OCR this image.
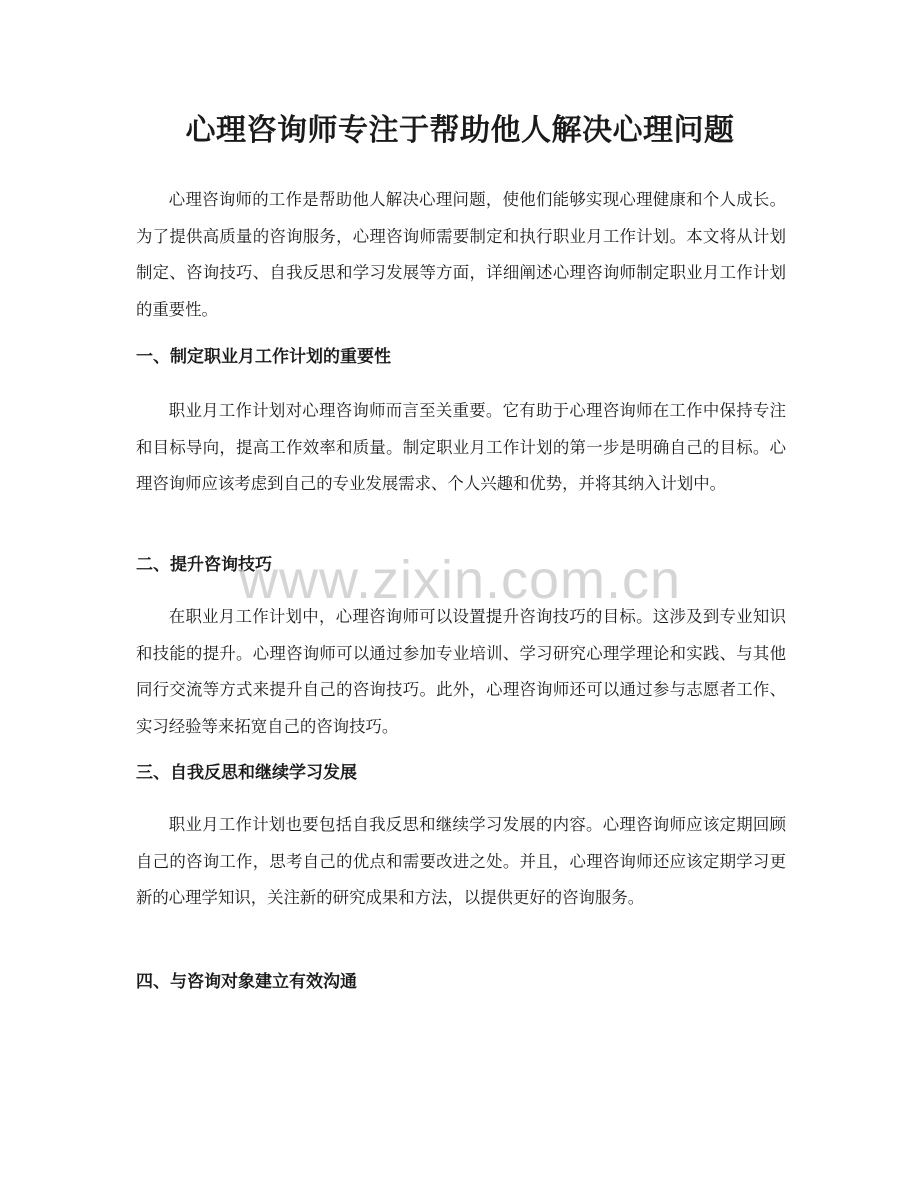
心理咨询师专注于帮助他人解决心理问题

心理咨询师的工作是帮助他人解决心理问题，使他们能够实现心理健康和个人成长。为了提供高质量的咨询服务，心理咨询师需要制定和执行职业月工作计划。本文将从计划制定、咨询技巧、自我反思和学习发展等方面，详细阐述心理咨询师制定职业月工作计划的重要性。

一、制定职业月工作计划的重要性

职业月工作计划对心理咨询师而言至关重要。它有助于心理咨询师在工作中保持专注和目标导向，提高工作效率和质量。制定职业月工作计划的第一步是明确自己的目标。心理咨询师应该考虑到自己的专业发展需求、个人兴趣和优势，并将其纳入计划中。

二、提升咨询技巧

在职业月工作计划中，心理咨询师可以设置提升咨询技巧的目标。这涉及到专业知识和技能的提升。心理咨询师可以通过参加专业培训、学习研究心理学理论和实践、与其他同行交流等方式来提升自己的咨询技巧。此外，心理咨询师还可以通过参与志愿者工作、实习经验等来拓宽自己的咨询技巧。

三、自我反思和继续学习发展

职业月工作计划也要包括自我反思和继续学习发展的内容。心理咨询师应该定期回顾自己的咨询工作，思考自己的优点和需要改进之处。并且，心理咨询师还应该定期学习更新的心理学知识，关注新的研究成果和方法，以提供更好的咨询服务。

四、与咨询对象建立有效沟通
www.zixin.com.cn
